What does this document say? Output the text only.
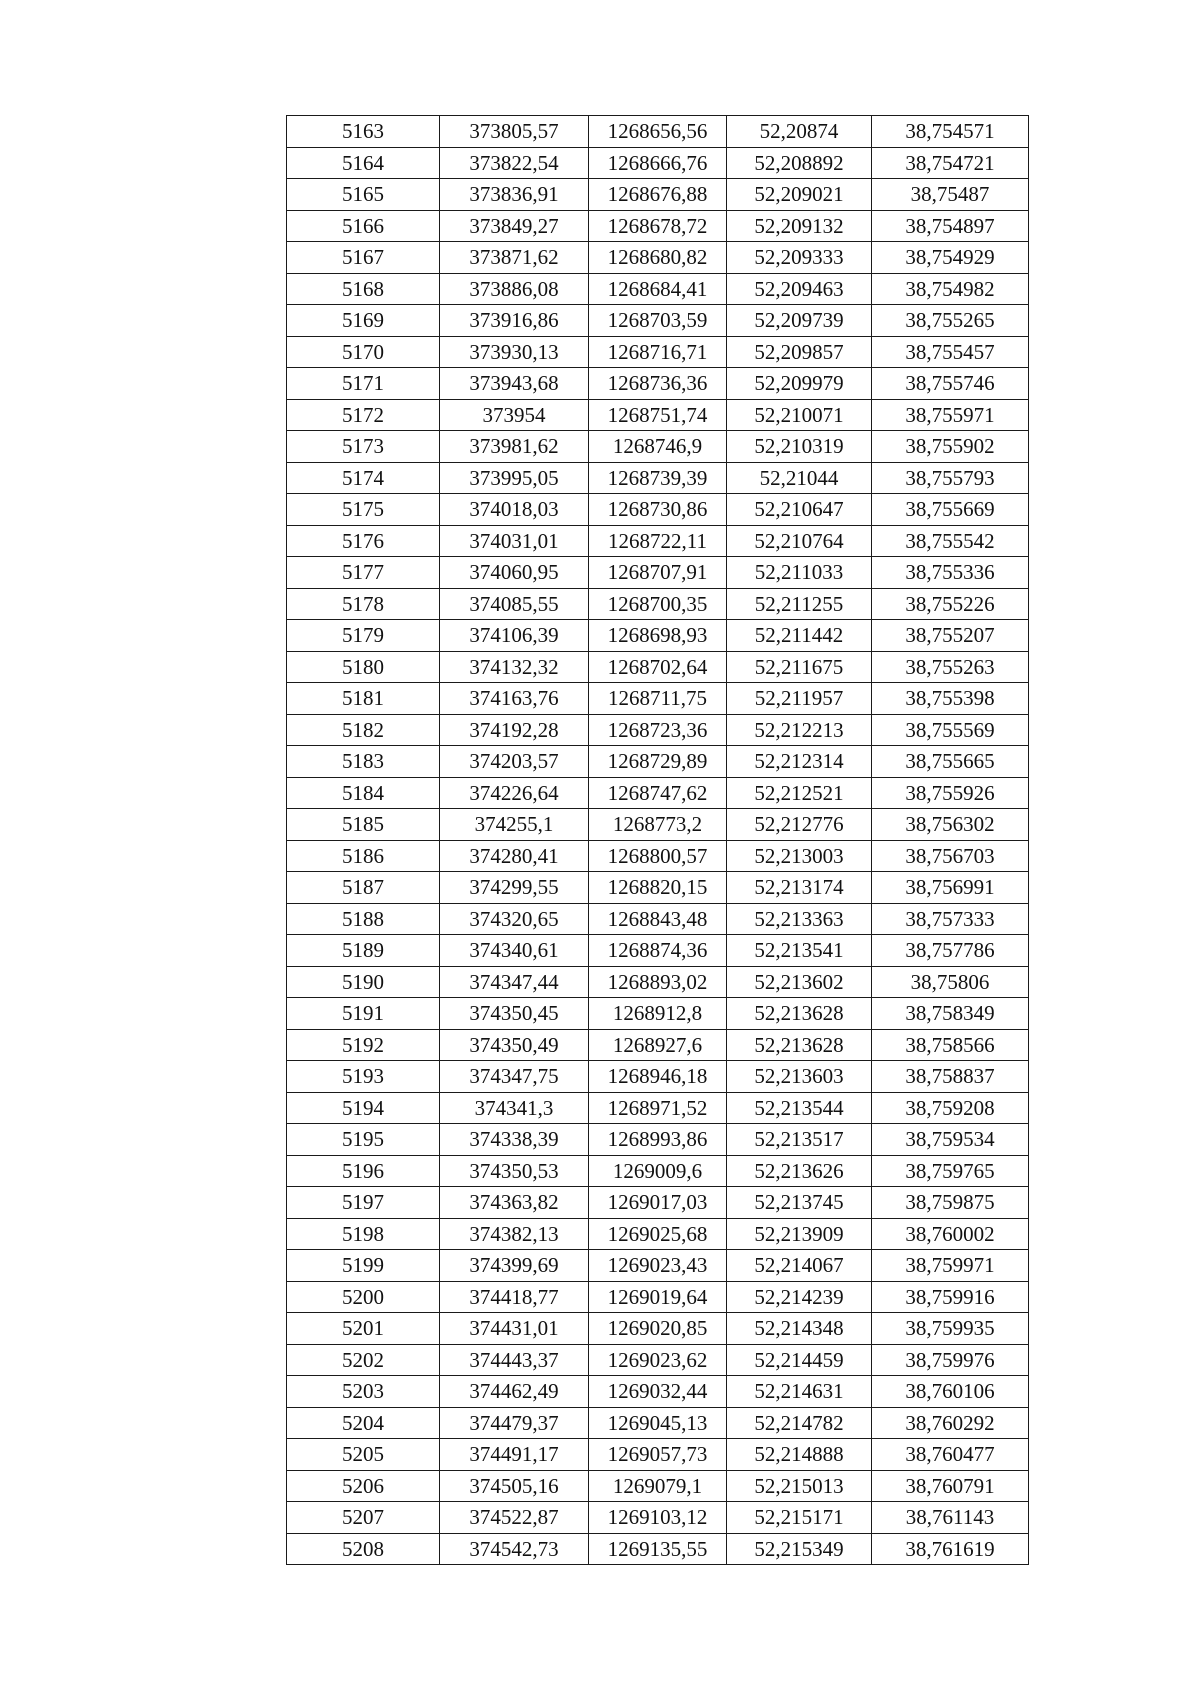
5163	373805,57	1268656,56	52,20874	38,754571
5164	373822,54	1268666,76	52,208892	38,754721
5165	373836,91	1268676,88	52,209021	38,75487
5166	373849,27	1268678,72	52,209132	38,754897
5167	373871,62	1268680,82	52,209333	38,754929
5168	373886,08	1268684,41	52,209463	38,754982
5169	373916,86	1268703,59	52,209739	38,755265
5170	373930,13	1268716,71	52,209857	38,755457
5171	373943,68	1268736,36	52,209979	38,755746
5172	373954	1268751,74	52,210071	38,755971
5173	373981,62	1268746,9	52,210319	38,755902
5174	373995,05	1268739,39	52,21044	38,755793
5175	374018,03	1268730,86	52,210647	38,755669
5176	374031,01	1268722,11	52,210764	38,755542
5177	374060,95	1268707,91	52,211033	38,755336
5178	374085,55	1268700,35	52,211255	38,755226
5179	374106,39	1268698,93	52,211442	38,755207
5180	374132,32	1268702,64	52,211675	38,755263
5181	374163,76	1268711,75	52,211957	38,755398
5182	374192,28	1268723,36	52,212213	38,755569
5183	374203,57	1268729,89	52,212314	38,755665
5184	374226,64	1268747,62	52,212521	38,755926
5185	374255,1	1268773,2	52,212776	38,756302
5186	374280,41	1268800,57	52,213003	38,756703
5187	374299,55	1268820,15	52,213174	38,756991
5188	374320,65	1268843,48	52,213363	38,757333
5189	374340,61	1268874,36	52,213541	38,757786
5190	374347,44	1268893,02	52,213602	38,75806
5191	374350,45	1268912,8	52,213628	38,758349
5192	374350,49	1268927,6	52,213628	38,758566
5193	374347,75	1268946,18	52,213603	38,758837
5194	374341,3	1268971,52	52,213544	38,759208
5195	374338,39	1268993,86	52,213517	38,759534
5196	374350,53	1269009,6	52,213626	38,759765
5197	374363,82	1269017,03	52,213745	38,759875
5198	374382,13	1269025,68	52,213909	38,760002
5199	374399,69	1269023,43	52,214067	38,759971
5200	374418,77	1269019,64	52,214239	38,759916
5201	374431,01	1269020,85	52,214348	38,759935
5202	374443,37	1269023,62	52,214459	38,759976
5203	374462,49	1269032,44	52,214631	38,760106
5204	374479,37	1269045,13	52,214782	38,760292
5205	374491,17	1269057,73	52,214888	38,760477
5206	374505,16	1269079,1	52,215013	38,760791
5207	374522,87	1269103,12	52,215171	38,761143
5208	374542,73	1269135,55	52,215349	38,761619
